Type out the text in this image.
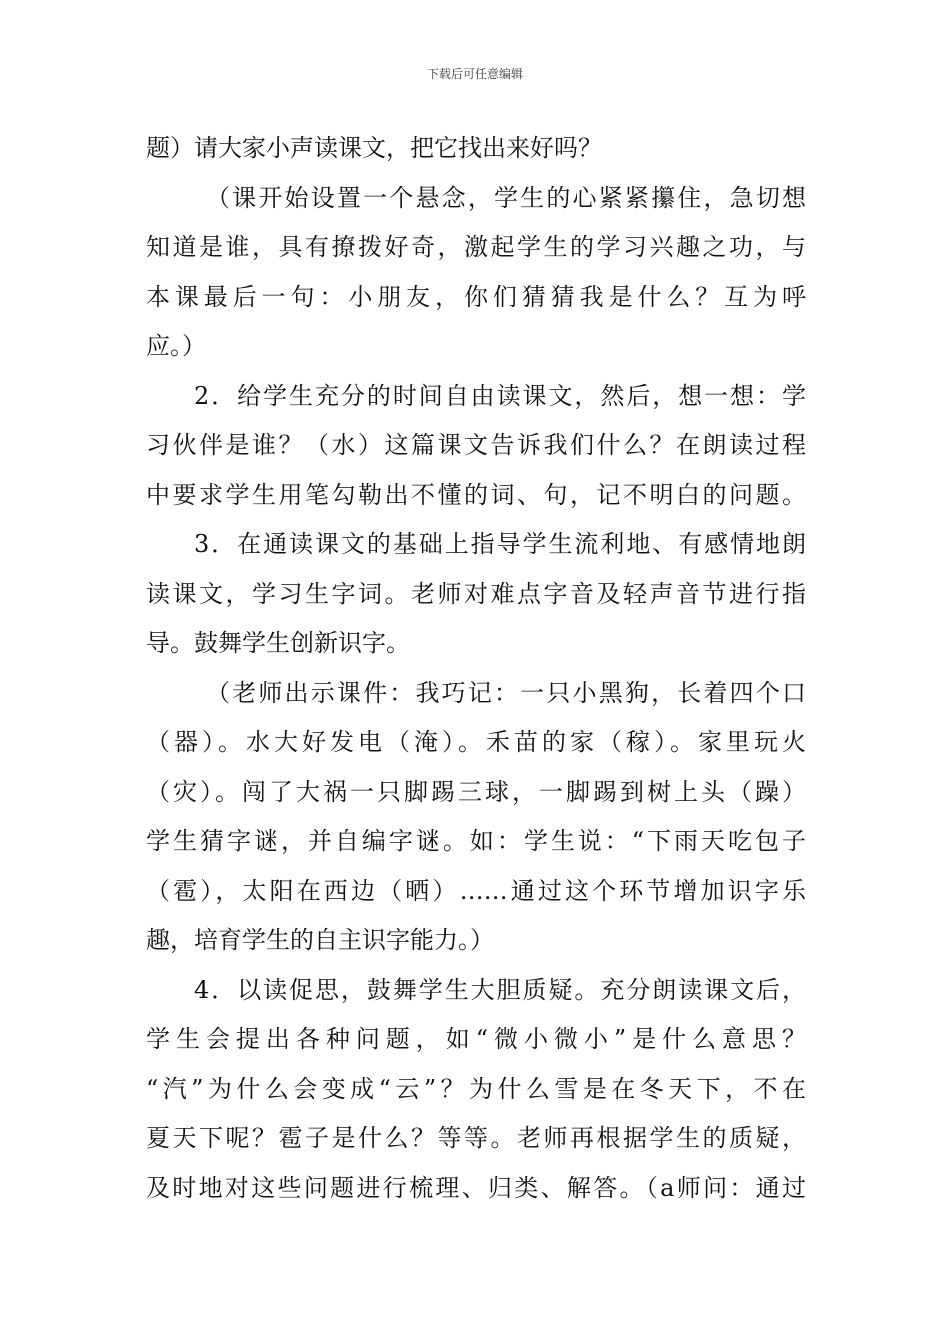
下载后可任意编辑
题）请大家小声读课文，把它找出来好吗？
（课开始设置一个悬念，学生的心紧紧攥住，急切想
知道是谁，具有撩拨好奇，激起学生的学习兴趣之功，与
本课最后一句：小朋友，你们猜猜我是什么？互为呼
应。）
2．给学生充分的时间自由读课文，然后，想一想：学
习伙伴是谁？（水）这篇课文告诉我们什么？在朗读过程
中要求学生用笔勾勒出不懂的词、句，记不明白的问题。
3．在通读课文的基础上指导学生流利地、有感情地朗
读课文，学习生字词。老师对难点字音及轻声音节进行指
导。鼓舞学生创新识字。
（老师出示课件：我巧记：一只小黑狗，长着四个口
（器）。水大好发电（淹）。禾苗的家（稼）。家里玩火
（灾）。闯了大祸一只脚踢三球，一脚踢到树上头（躁）
学生猜字谜，并自编字谜。如：学生说：“下雨天吃包子
（雹），太阳在西边（晒）……通过这个环节增加识字乐
趣，培育学生的自主识字能力。）
4．以读促思，鼓舞学生大胆质疑。充分朗读课文后，
学生会提出各种问题，如“微小微小”是什么意思？
“汽”为什么会变成“云”？为什么雪是在冬天下，不在
夏天下呢？雹子是什么？等等。老师再根据学生的质疑，
及时地对这些问题进行梳理、归类、解答。（a师问：通过
